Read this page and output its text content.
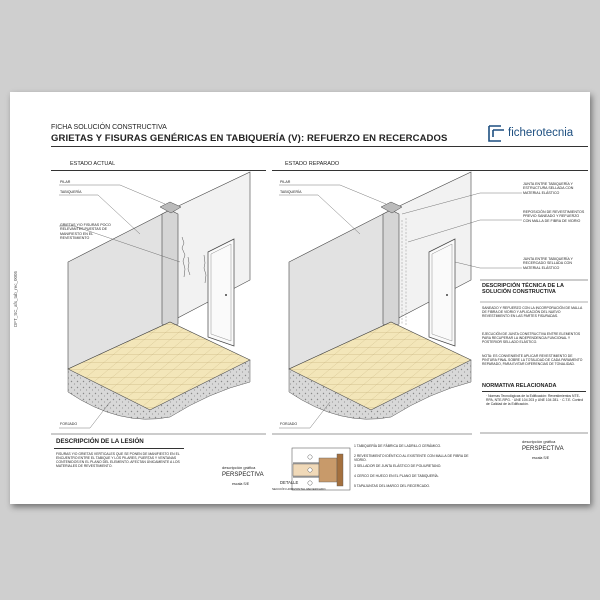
FICHA SOLUCIÓN CONSTRUCTIVA
GRIETAS Y FISURAS GENÉRICAS EN TABIQUERÍA (V): REFUERZO EN RECERCADOS	ficherotecnia
ESTADO ACTUAL	ESTADO REPARADO
PILAR
TABIQUERÍA
GRIETAS Y/O FISURAS POCO RELEVANTES PUESTAS DE MANIFIESTO EN EL REVESTIMIENTO
FORJADO
PILAR
TABIQUERÍA
JUNTA ENTRE TABIQUERÍA Y ESTRUCTURA SELLADA CON MATERIAL ELÁSTICO
REPOSICIÓN DE REVESTIMIENTOS PREVIO SANEADO Y REFUERZO CON MALLA DE FIBRA DE VIDRIO
JUNTA ENTRE TABIQUERÍA Y RECERCADO SELLADA CON MATERIAL ELÁSTICO
FORJADO
DESCRIPCIÓN DE LA LESIÓN
FISURAS Y/O GRIETAS VERTICALES QUE SE PONEN DE MANIFIESTO EN EL ENCUENTRO ENTRE EL TABIQUE Y LOS PILARES, PUERTAS Y VENTANAS CONTENIDOS EN EL PLANO DEL ELEMENTO. AFECTAN ÚNICAMENTE A LOS MATERIALES DE REVESTIMIENTO.	descripción gráfica
PERSPECTIVA
escala S/E	DETALLE
SECCIÓN HORIZONTAL RECERCADO
1 TABIQUERÍA DE FÁBRICA DE LADRILLO CERÁMICO.
2 REVESTIMIENTO IDÉNTICO AL EXISTENTE CON MALLA DE FIBRA DE VIDRIO.
3 SELLADOR DE JUNTA ELÁSTICO DE POLIURETANO.
4 CERCO DE HUECO EN EL PLANO DE TABIQUERÍA.
5 TAPAJUNTAS DEL MARCO DEL RECERCADO.
DESCRIPCIÓN TÉCNICA DE LA SOLUCIÓN CONSTRUCTIVA
SANEADO Y REFUERZO CON LA INCORPORACIÓN DE MALLA DE FIBRA DE VIDRIO Y APLICACIÓN DEL NUEVO REVESTIMIENTO EN LAS PARTES FISURADAS.
EJECUCIÓN DE JUNTA CONSTRUCTIVA ENTRE ELEMENTOS PARA RECUPERAR LA INDEPENDENCIA FUNCIONAL Y POSTERIOR SELLADO ELÁSTICO.
NOTA: ES CONVENIENTE APLICAR REVESTIMIENTO DE PINTURA FINAL SOBRE LA TOTALIDAD DE CADA PARAMENTO REPARADO, PARA EVITAR DIFERENCIAS DE TONALIDAD.
NORMATIVA RELACIONADA
· Normas Tecnológicas de la Edificación: Revestimientos NTE-RPA, NTE-RPG. · UNE 104 203 y UNE 104 281. · C.T.E. Control de Calidad de la Edificación.
descripción gráfica
PERSPECTIVA
escala S/E
DFT_SC_afs_tab_rec_0005
